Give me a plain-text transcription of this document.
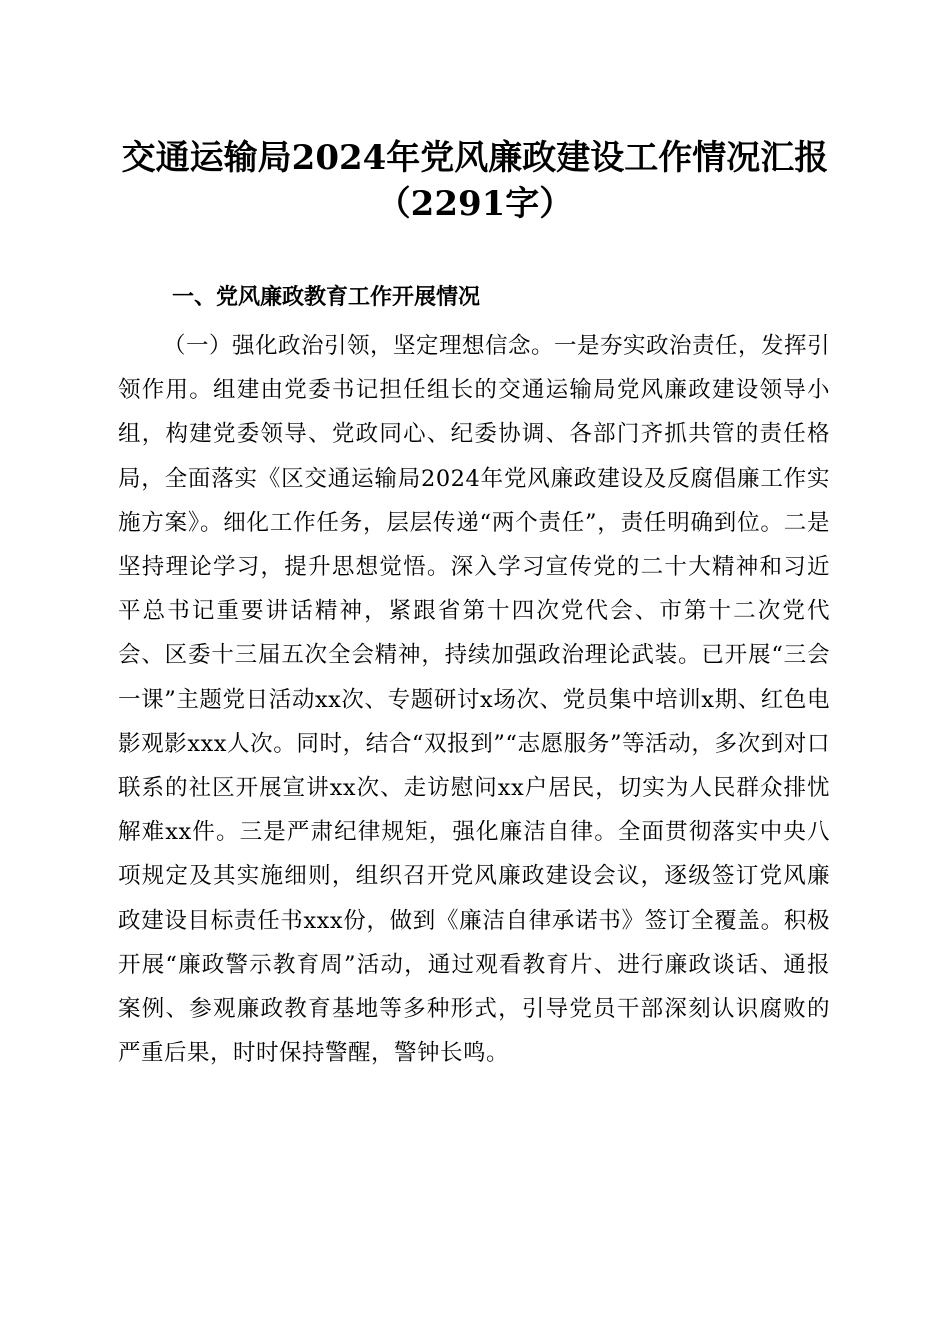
交通运输局2024年党风廉政建设工作情况汇报（2291字）
一、党风廉政教育工作开展情况

（一）强化政治引领，坚定理想信念。一是夯实政治责任，发挥引领作用。组建由党委书记担任组长的交通运输局党风廉政建设领导小组，构建党委领导、党政同心、纪委协调、各部门齐抓共管的责任格局，全面落实《区交通运输局2024年党风廉政建设及反腐倡廉工作实施方案》。细化工作任务，层层传递“两个责任”，责任明确到位。二是坚持理论学习，提升思想觉悟。深入学习宣传党的二十大精神和习近平总书记重要讲话精神，紧跟省第十四次党代会、市第十二次党代会、区委十三届五次全会精神，持续加强政治理论武装。已开展“三会一课”主题党日活动xx次、专题研讨x场次、党员集中培训x期、红色电影观影xxx人次。同时，结合“双报到”“志愿服务”等活动，多次到对口联系的社区开展宣讲xx次、走访慰问xx户居民，切实为人民群众排忧解难xx件。三是严肃纪律规矩，强化廉洁自律。全面贯彻落实中央八项规定及其实施细则，组织召开党风廉政建设会议，逐级签订党风廉政建设目标责任书xxx份，做到《廉洁自律承诺书》签订全覆盖。积极开展“廉政警示教育周”活动，通过观看教育片、进行廉政谈话、通报案例、参观廉政教育基地等多种形式，引导党员干部深刻认识腐败的严重后果，时时保持警醒，警钟长鸣。
